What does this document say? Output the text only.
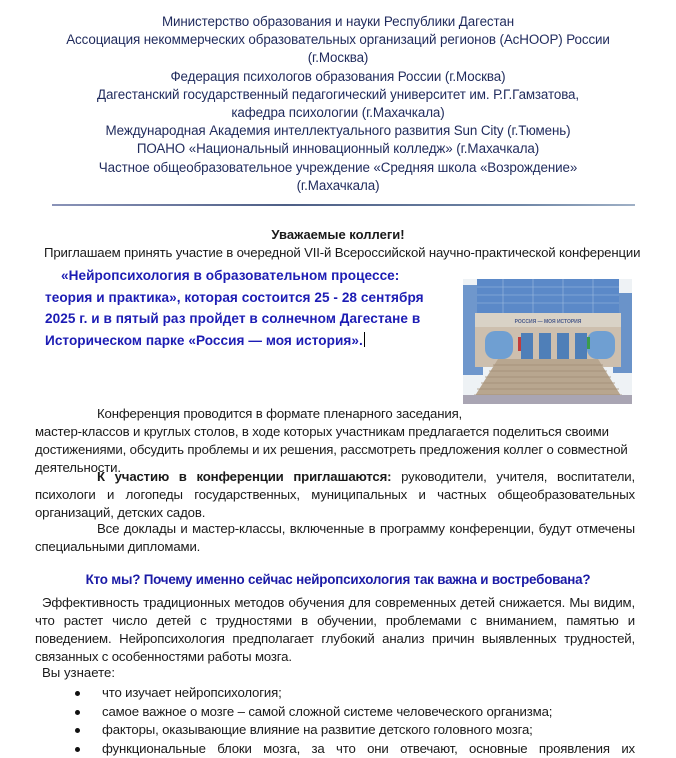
Министерство образования и науки Республики Дагестан
Ассоциация некоммерческих образовательных организаций регионов (АсНООР) России
(г.Москва)
Федерация психологов образования России (г.Москва)
Дагестанский государственный педагогический университет им. Р.Г.Гамзатова,
кафедра психологии (г.Махачкала)
Международная Академия интеллектуального развития Sun City (г.Тюмень)
ПОАНО «Национальный инновационный колледж» (г.Махачкала)
Частное общеобразовательное учреждение «Средняя школа «Возрождение»
(г.Махачкала)
Уважаемые коллеги!
Приглашаем принять участие в очередной VII-й Всероссийской научно-практической конференции
«Нейропсихология в образовательном процессе:
теория и практика», которая состоится 25 - 28 сентября
2025 г. и в пятый раз пройдет в солнечном Дагестане в
Историческом парке «Россия — моя история».
РОССИЯ — МОЯ ИСТОРИЯ
Конференция проводится в формате пленарного заседания,
мастер-классов и круглых столов, в ходе которых участникам предлагается поделиться своими достижениями, обсудить проблемы и их решения, рассмотреть предложения коллег о совместной деятельности.
К участию в конференции приглашаются: руководители, учителя, воспитатели, психологи и логопеды государственных, муниципальных и частных общеобразовательных организаций, детских садов.
Все доклады и мастер-классы, включенные в программу конференции, будут отмечены специальными дипломами.
Кто мы? Почему именно сейчас нейропсихология так важна и востребована?
Эффективность традиционных методов обучения для современных детей снижается. Мы видим, что растет число детей с трудностями в обучении, проблемами с вниманием, памятью и поведением. Нейропсихология предполагает глубокий анализ причин выявленных трудностей, связанных с особенностями работы мозга.
Вы узнаете:
что изучает нейропсихология;
самое важное о мозге – самой сложной системе человеческого организма;
факторы, оказывающие влияние на развитие детского головного мозга;
функциональные блоки мозга, за что они отвечают, основные проявления их
